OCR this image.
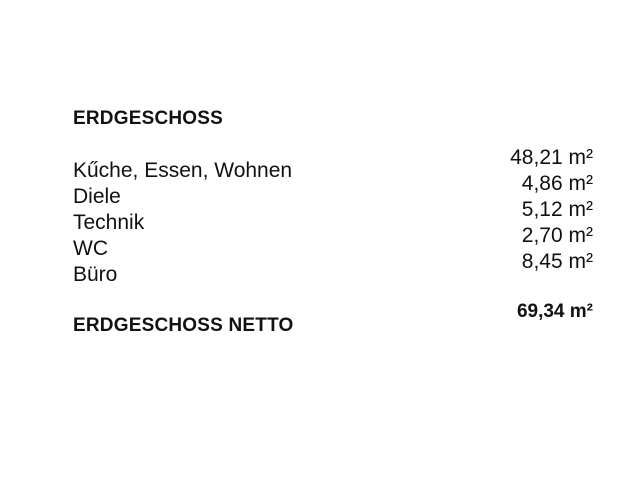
ERDGESCHOSS
Kűche, Essen, Wohnen
Diele
Technik
WC
Büro
48,21 m²
4,86 m²
5,12 m²
2,70 m²
8,45 m²
ERDGESCHOSS NETTO
69,34 m²
